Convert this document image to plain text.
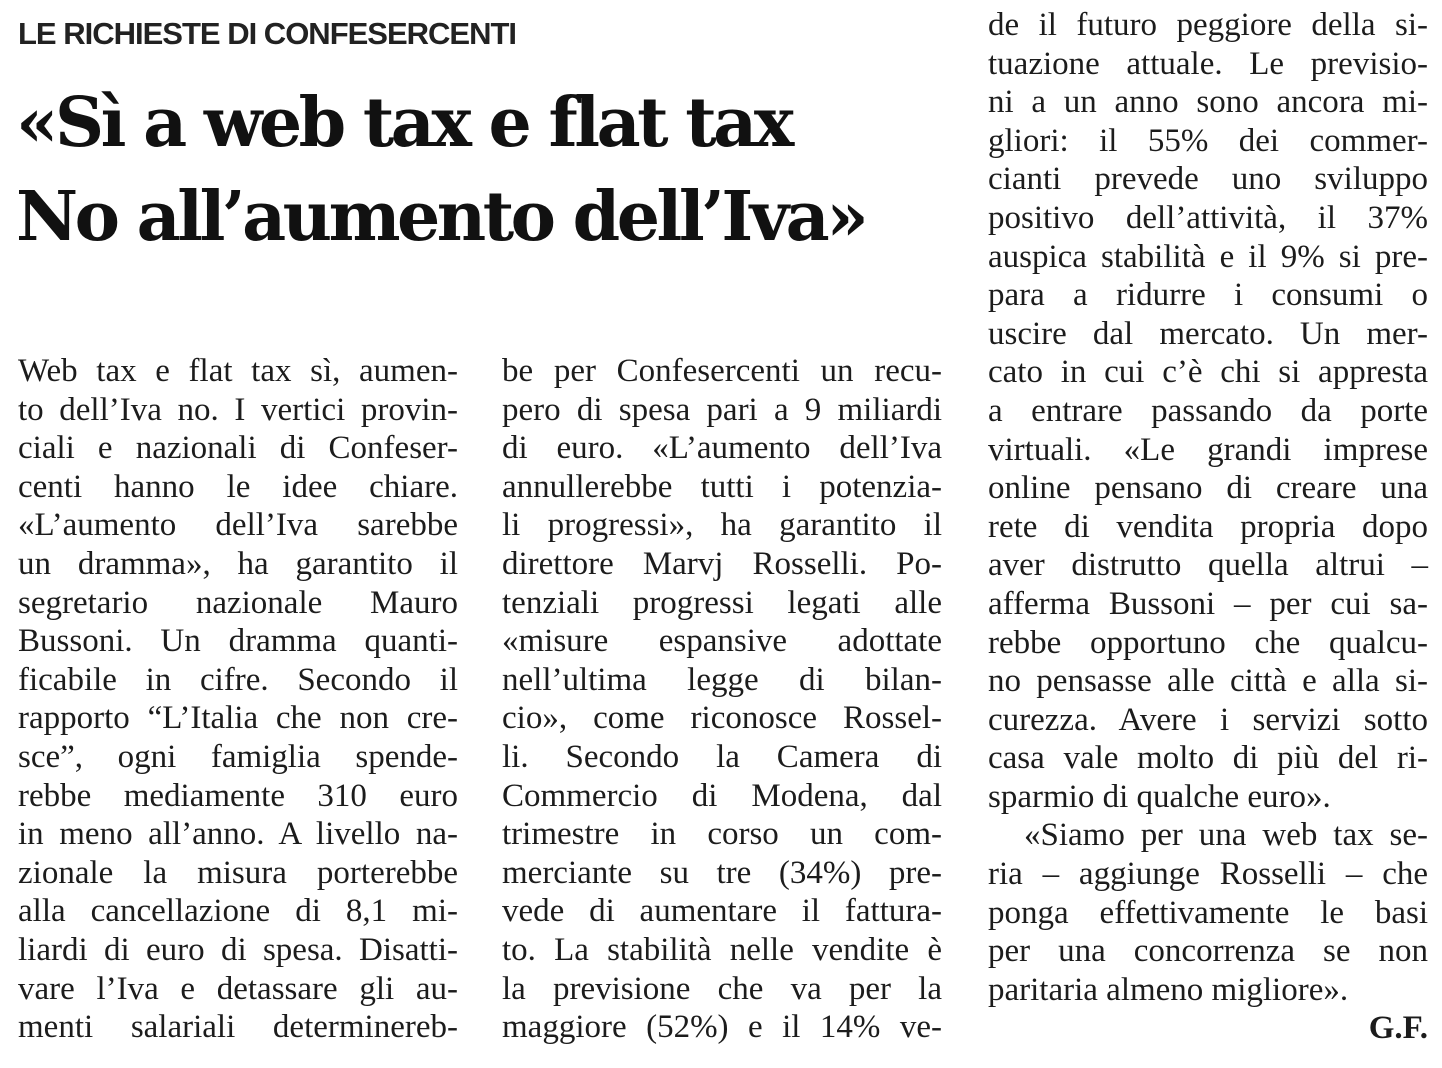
LE RICHIESTE DI CONFESERCENTI
«Sì a web tax e flat tax
No all’aumento dell’Iva»
Web tax e flat tax sì, aumen-
to dell’Iva no. I vertici provin-
ciali e nazionali di Confeser-
centi hanno le idee chiare.
«L’aumento dell’Iva sarebbe
un dramma», ha garantito il
segretario nazionale Mauro
Bussoni. Un dramma quanti-
ficabile in cifre. Secondo il
rapporto “L’Italia che non cre-
sce”, ogni famiglia spende-
rebbe mediamente 310 euro
in meno all’anno. A livello na-
zionale la misura porterebbe
alla cancellazione di 8,1 mi-
liardi di euro di spesa. Disatti-
vare l’Iva e detassare gli au-
menti salariali determinereb-
be per Confesercenti un recu-
pero di spesa pari a 9 miliardi
di euro. «L’aumento dell’Iva
annullerebbe tutti i potenzia-
li progressi», ha garantito il
direttore Marvj Rosselli. Po-
tenziali progressi legati alle
«misure espansive adottate
nell’ultima legge di bilan-
cio», come riconosce Rossel-
li. Secondo la Camera di
Commercio di Modena, dal
trimestre in corso un com-
merciante su tre (34%) pre-
vede di aumentare il fattura-
to. La stabilità nelle vendite è
la previsione che va per la
maggiore (52%) e il 14% ve-
de il futuro peggiore della si-
tuazione attuale. Le previsio-
ni a un anno sono ancora mi-
gliori: il 55% dei commer-
cianti prevede uno sviluppo
positivo dell’attività, il 37%
auspica stabilità e il 9% si pre-
para a ridurre i consumi o
uscire dal mercato. Un mer-
cato in cui c’è chi si appresta
a entrare passando da porte
virtuali. «Le grandi imprese
online pensano di creare una
rete di vendita propria dopo
aver distrutto quella altrui –
afferma Bussoni – per cui sa-
rebbe opportuno che qualcu-
no pensasse alle città e alla si-
curezza. Avere i servizi sotto
casa vale molto di più del ri-
sparmio di qualche euro».
«Siamo per una web tax se-
ria – aggiunge Rosselli – che
ponga effettivamente le basi
per una concorrenza se non
paritaria almeno migliore».
G.F.
